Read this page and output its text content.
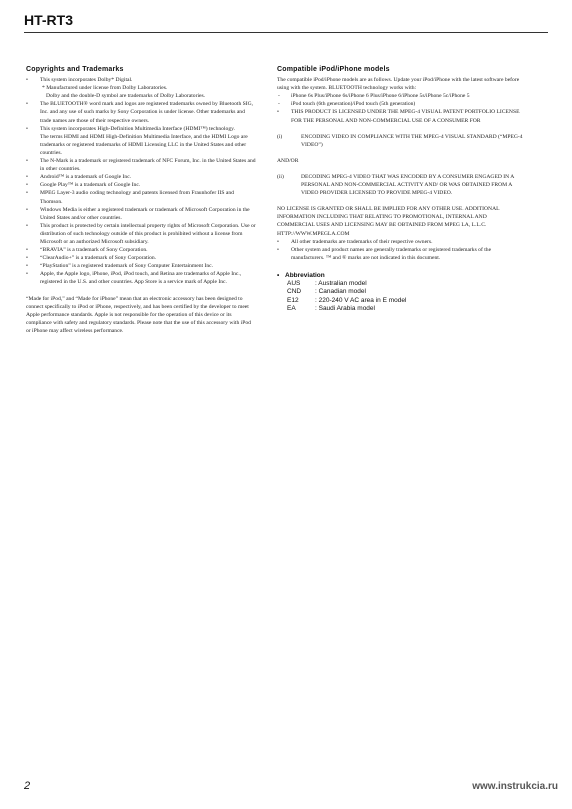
HT-RT3
Copyrights and Trademarks
• This system incorporates Dolby* Digital.
* Manufactured under license from Dolby Laboratories.
Dolby and the double-D symbol are trademarks of Dolby Laboratories.
• The BLUETOOTH® word mark and logos are registered trademarks owned by Bluetooth SIG, Inc. and any use of such marks by Sony Corporation is under license. Other trademarks and trade names are those of their respective owners.
• This system incorporates High-Definition Multimedia Interface (HDMI™) technology.
The terms HDMI and HDMI High-Definition Multimedia Interface, and the HDMI Logo are trademarks or registered trademarks of HDMI Licensing LLC in the United States and other countries.
• The N-Mark is a trademark or registered trademark of NFC Forum, Inc. in the United States and in other countries.
• Android™ is a trademark of Google Inc.
• Google Play™ is a trademark of Google Inc.
• MPEG Layer-3 audio coding technology and patents licensed from Fraunhofer IIS and Thomson.
• Windows Media is either a registered trademark or trademark of Microsoft Corporation in the United States and/or other countries.
• This product is protected by certain intellectual property rights of Microsoft Corporation. Use or distribution of such technology outside of this product is prohibited without a license from Microsoft or an authorized Microsoft subsidiary.
• “BRAVIA” is a trademark of Sony Corporation.
• “ClearAudio+” is a trademark of Sony Corporation.
• “PlayStation” is a registered trademark of Sony Computer Entertainment Inc.
• Apple, the Apple logo, iPhone, iPod, iPod touch, and Retina are trademarks of Apple Inc., registered in the U.S. and other countries. App Store is a service mark of Apple Inc.

“Made for iPod,” and “Made for iPhone” mean that an electronic accessory has been designed to connect specifically to iPod or iPhone, respectively, and has been certified by the developer to meet Apple performance standards. Apple is not responsible for the operation of this device or its compliance with safety and regulatory standards. Please note that the use of this accessory with iPod or iPhone may affect wireless performance.

Compatible iPod/iPhone models

The compatible iPod/iPhone models are as follows. Update your iPod/iPhone with the latest software before using with the system. BLUETOOTH technology works with:

- iPhone 6s Plus/iPhone 6s/iPhone 6 Plus/iPhone 6/iPhone 5s/iPhone 5c/iPhone 5
- iPod touch (6th generation)/iPod touch (5th generation)
• THIS PRODUCT IS LICENSED UNDER THE MPEG-4 VISUAL PATENT PORTFOLIO LICENSE FOR THE PERSONAL AND NON-COMMERCIAL USE OF A CONSUMER FOR
(i)	ENCODING VIDEO IN COMPLIANCE WITH THE MPEG-4 VISUAL STANDARD (“MPEG-4 VIDEO”)

AND/OR

(ii)	DECODING MPEG-4 VIDEO THAT WAS ENCODED BY A CONSUMER ENGAGED IN A PERSONAL AND NON-COMMERCIAL ACTIVITY AND/ OR WAS OBTAINED FROM A VIDEO PROVIDER LICENSED TO PROVIDE MPEG-4 VIDEO.

NO LICENSE IS GRANTED OR SHALL BE IMPLIED FOR ANY OTHER USE. ADDITIONAL INFORMATION INCLUDING THAT RELATING TO PROMOTIONAL, INTERNAL AND COMMERCIAL USES AND LICENSING MAY BE OBTAINED FROM MPEG LA, L.L.C.

HTTP://WWW.MPEGLA.COM

• All other trademarks are trademarks of their respective owners.
• Other system and product names are generally trademarks or registered trademarks of the manufacturers. ™ and ® marks are not indicated in this document.
• Abbreviation
AUS	: Australian model
CND	: Canadian model
E12	: 220-240 V AC area in E model
EA	: Saudi Arabia model
2	www.instrukcia.ru
